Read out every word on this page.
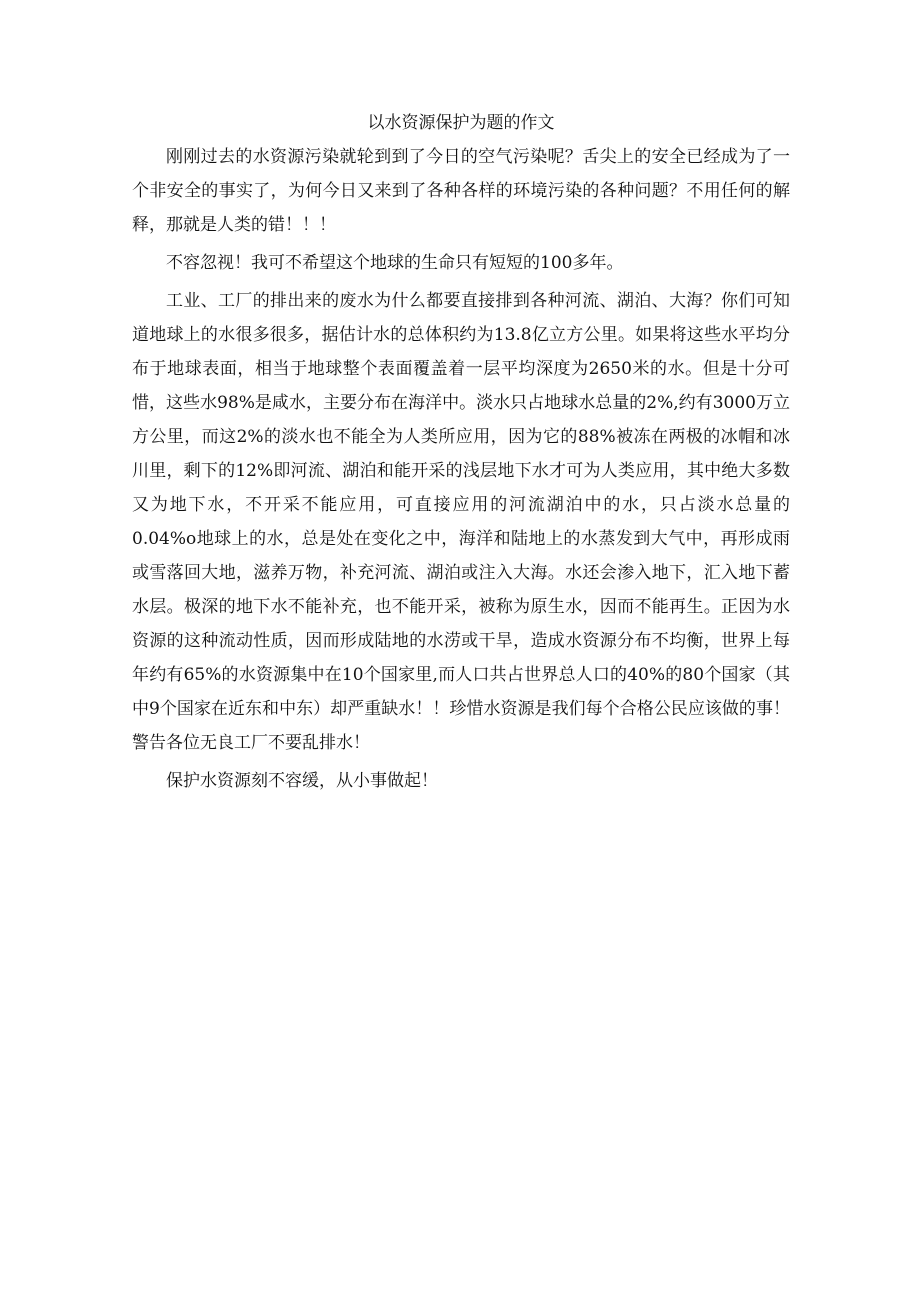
以水资源保护为题的作文

刚刚过去的水资源污染就轮到到了今日的空气污染呢？舌尖上的安全已经成为了一个非安全的事实了，为何今日又来到了各种各样的环境污染的各种问题？不用任何的解释，那就是人类的错！！！

不容忽视！我可不希望这个地球的生命只有短短的100多年。

工业、工厂的排出来的废水为什么都要直接排到各种河流、湖泊、大海？你们可知道地球上的水很多很多，据估计水的总体积约为13.8亿立方公里。如果将这些水平均分布于地球表面，相当于地球整个表面覆盖着一层平均深度为2650米的水。但是十分可惜，这些水98%是咸水，主要分布在海洋中。淡水只占地球水总量的2%,约有3000万立方公里，而这2%的淡水也不能全为人类所应用，因为它的88%被冻在两极的冰帽和冰川里，剩下的12%即河流、湖泊和能开采的浅层地下水才可为人类应用，其中绝大多数又为地下水，不开采不能应用，可直接应用的河流湖泊中的水，只占淡水总量的0.04%o地球上的水，总是处在变化之中，海洋和陆地上的水蒸发到大气中，再形成雨或雪落回大地，滋养万物，补充河流、湖泊或注入大海。水还会渗入地下，汇入地下蓄水层。极深的地下水不能补充，也不能开采，被称为原生水，因而不能再生。正因为水资源的这种流动性质，因而形成陆地的水涝或干旱，造成水资源分布不均衡，世界上每年约有65%的水资源集中在10个国家里,而人口共占世界总人口的40%的80个国家（其中9个国家在近东和中东）却严重缺水！！珍惜水资源是我们每个合格公民应该做的事！警告各位无良工厂不要乱排水！

保护水资源刻不容缓，从小事做起！
